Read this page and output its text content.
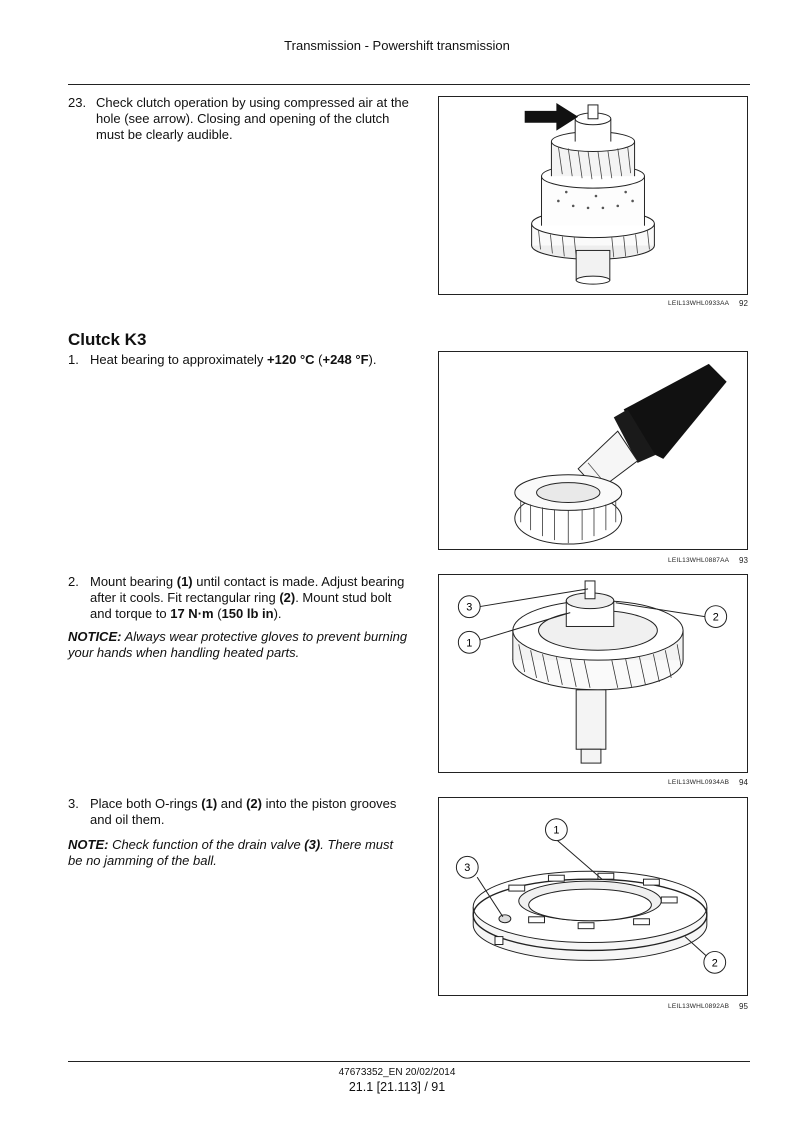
Transmission - Powershift transmission
23. Check clutch operation by using compressed air at the hole (see arrow). Closing and opening of the clutch must be clearly audible.
LEIL13WHL0933AA 92
Clutck K3
1. Heat bearing to approximately +120 °C (+248 °F).
LEIL13WHL0887AA 93
2. Mount bearing (1) until contact is made. Adjust bearing after it cools. Fit rectangular ring (2). Mount stud bolt and torque to 17 N·m (150 lb in).
NOTICE: Always wear protective gloves to prevent burning your hands when handling heated parts.
3
1
2
LEIL13WHL0934AB 94
3. Place both O-rings (1) and (2) into the piston grooves and oil them.
NOTE: Check function of the drain valve (3). There must be no jamming of the ball.
1
3
2
LEIL13WHL0892AB 95
47673352_EN 20/02/2014
21.1 [21.113] / 91
